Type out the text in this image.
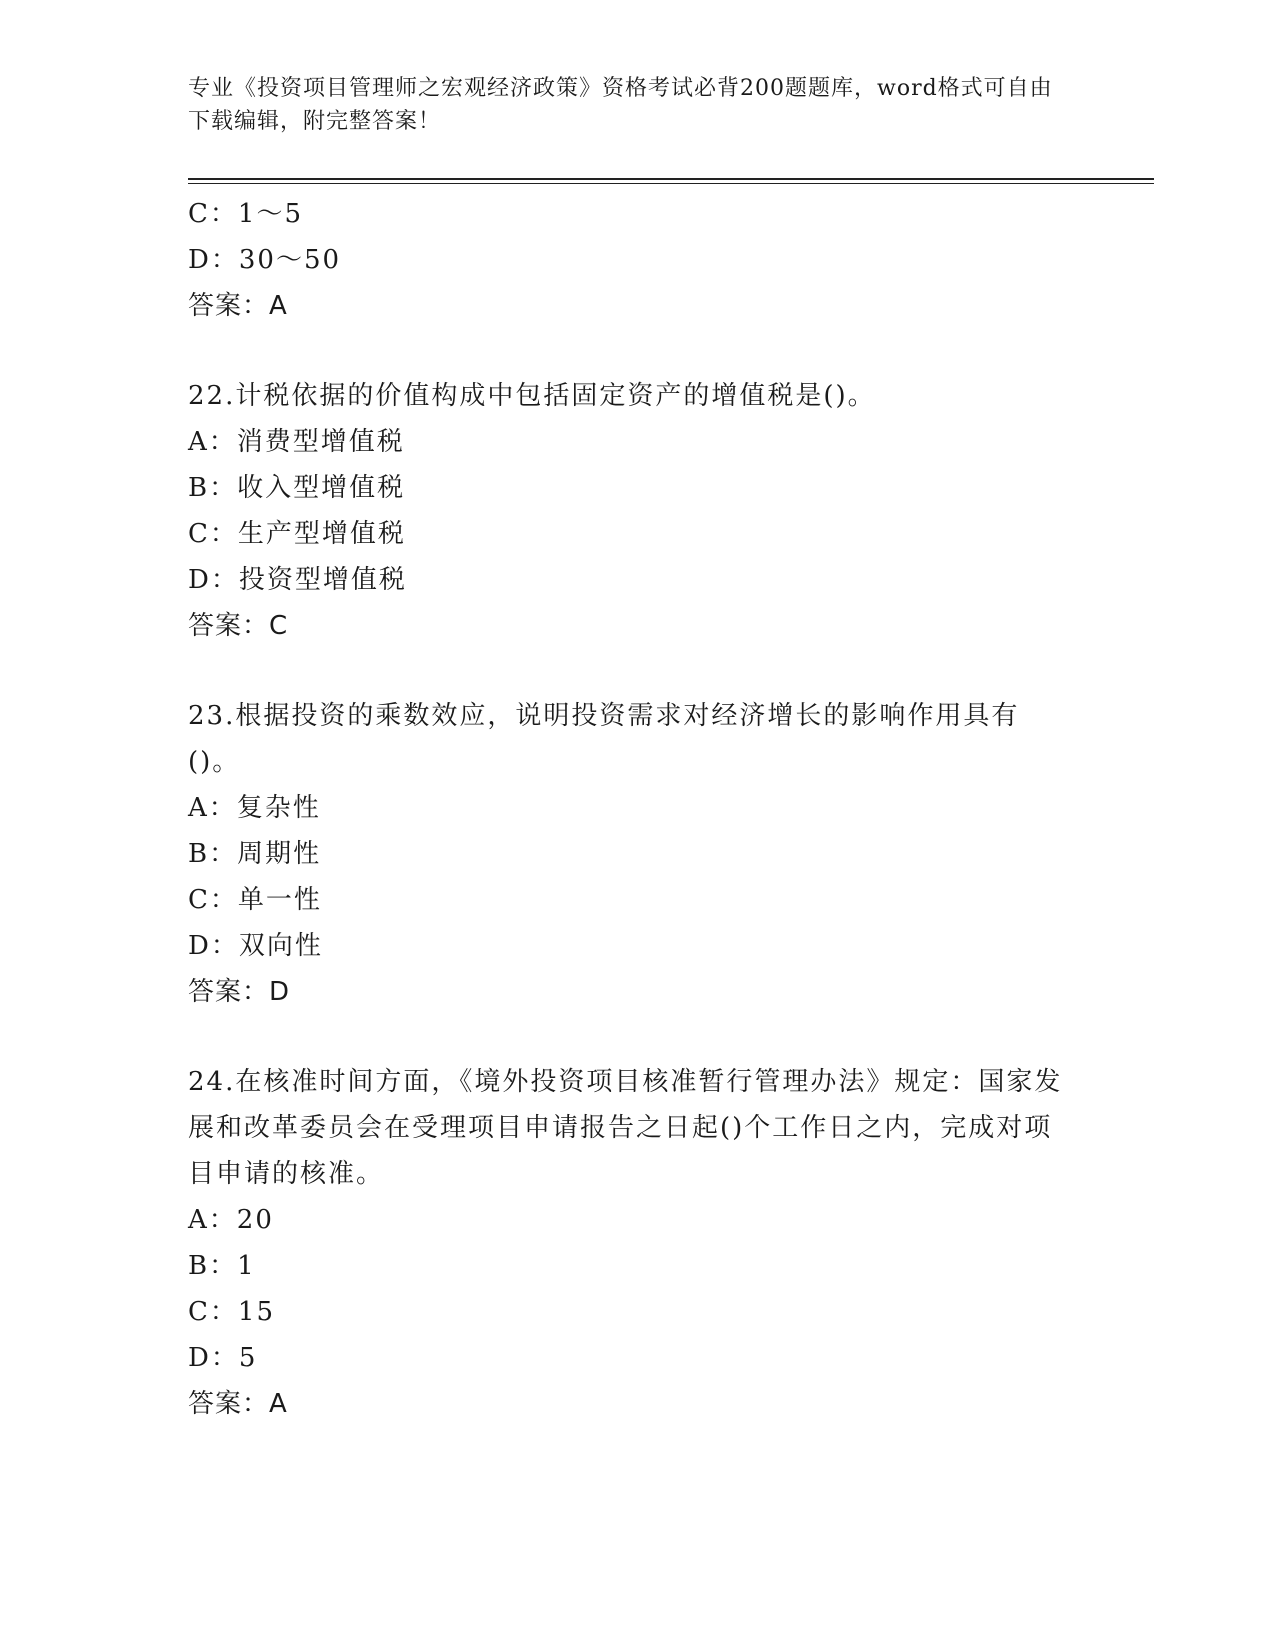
专业《投资项目管理师之宏观经济政策》资格考试必背200题题库，word格式可自由下载编辑，附完整答案！
C：1～5
D：30～50
答案：A
22.计税依据的价值构成中包括固定资产的增值税是()。
A：消费型增值税
B：收入型增值税
C：生产型增值税
D：投资型增值税
答案：C
23.根据投资的乘数效应，说明投资需求对经济增长的影响作用具有()。
A：复杂性
B：周期性
C：单一性
D：双向性
答案：D
24.在核准时间方面，《境外投资项目核准暂行管理办法》规定：国家发展和改革委员会在受理项目申请报告之日起()个工作日之内，完成对项目申请的核准。
A：20
B：1
C：15
D：5
答案：A
